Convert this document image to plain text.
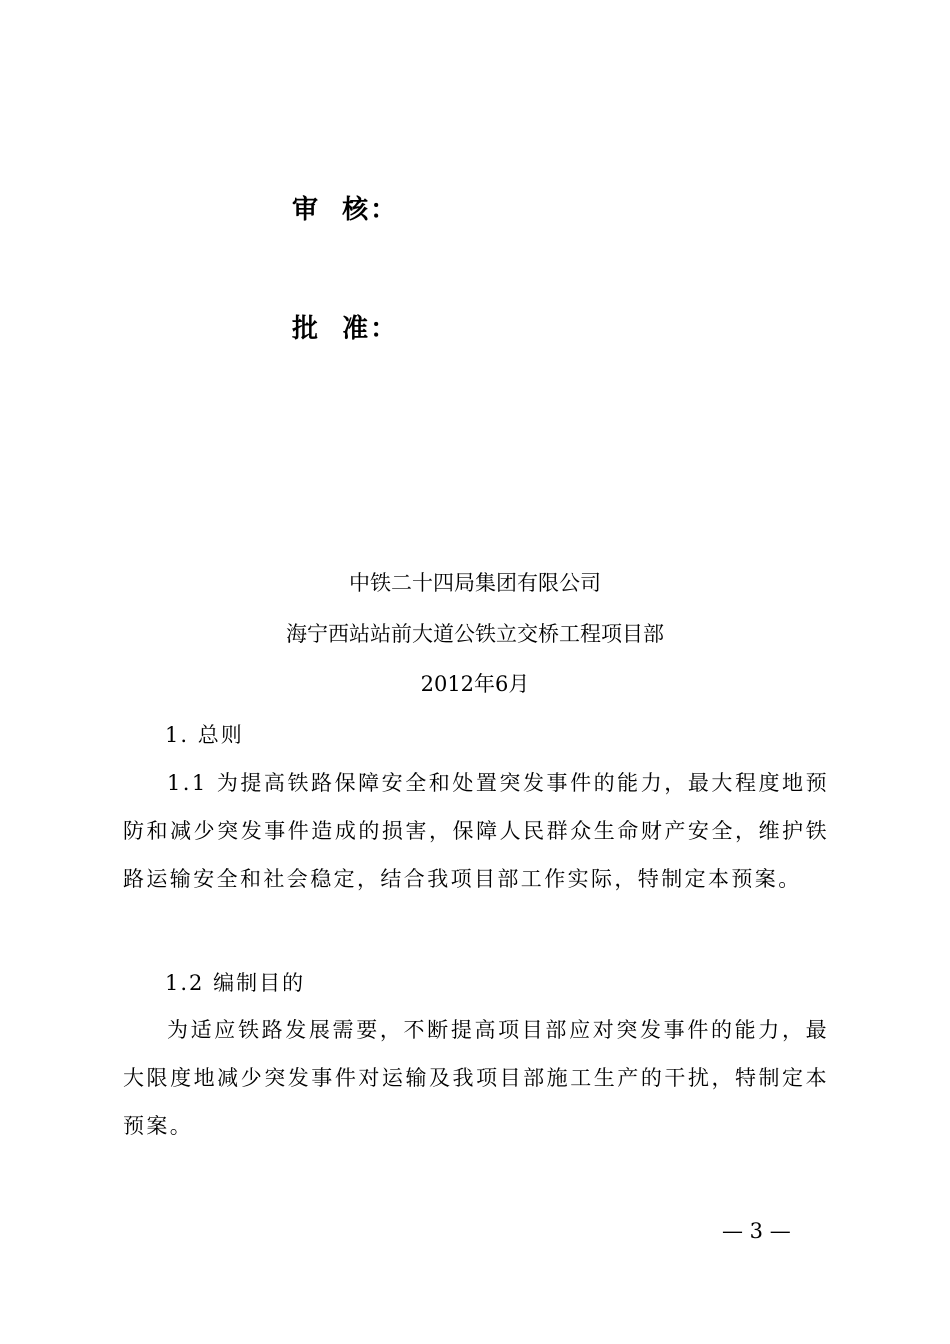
审  核：
批  准：
中铁二十四局集团有限公司
海宁西站站前大道公铁立交桥工程项目部
2012年6月
1. 总则
1.1 为提高铁路保障安全和处置突发事件的能力，最大程度地预防和减少突发事件造成的损害，保障人民群众生命财产安全，维护铁路运输安全和社会稳定，结合我项目部工作实际，特制定本预案。
1.2 编制目的
为适应铁路发展需要，不断提高项目部应对突发事件的能力，最大限度地减少突发事件对运输及我项目部施工生产的干扰，特制定本预案。
— 3 —
